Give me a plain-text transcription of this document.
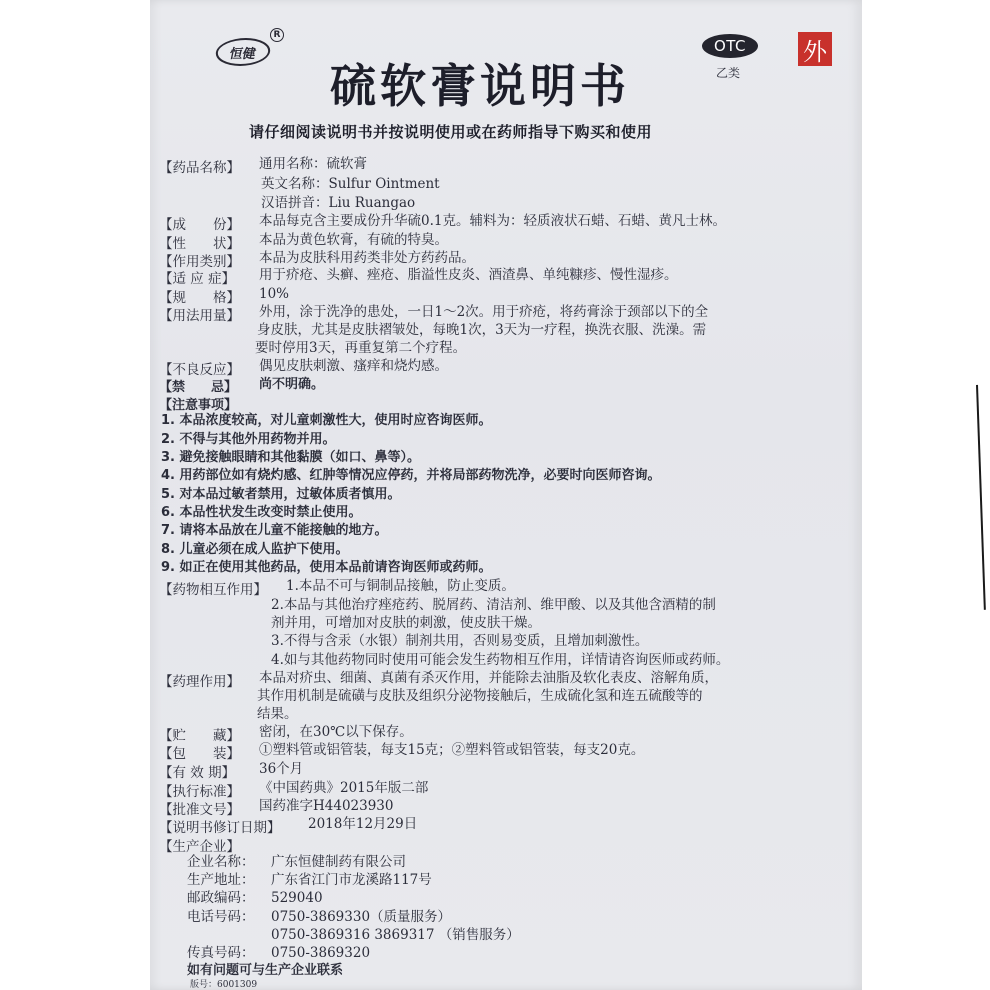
恒健
R
硫软膏说明书
OTC
乙类
外
请仔细阅读说明书并按说明使用或在药师指导下购买和使用
【药品名称】 通用名称：硫软膏
英文名称：Sulfur Ointment
汉语拼音：Liu Ruangao
【成　　份】 本品每克含主要成份升华硫0.1克。辅料为：轻质液状石蜡、石蜡、黄凡士林。
【性　　状】 本品为黄色软膏，有硫的特臭。
【作用类别】 本品为皮肤科用药类非处方药药品。
【适 应 症】 用于疥疮、头癣、痤疮、脂溢性皮炎、酒渣鼻、单纯糠疹、慢性湿疹。
【规　　格】 10%
【用法用量】 外用，涂于洗净的患处，一日1～2次。用于疥疮，将药膏涂于颈部以下的全
身皮肤，尤其是皮肤褶皱处，每晚1次，3天为一疗程，换洗衣服、洗澡。需
要时停用3天，再重复第二个疗程。
【不良反应】 偶见皮肤刺激、瘙痒和烧灼感。
【禁　　忌】 尚不明确。
【注意事项】
1. 本品浓度较高，对儿童刺激性大，使用时应咨询医师。
2. 不得与其他外用药物并用。
3. 避免接触眼睛和其他黏膜（如口、鼻等）。
4. 用药部位如有烧灼感、红肿等情况应停药，并将局部药物洗净，必要时向医师咨询。
5. 对本品过敏者禁用，过敏体质者慎用。
6. 本品性状发生改变时禁止使用。
7. 请将本品放在儿童不能接触的地方。
8. 儿童必须在成人监护下使用。
9. 如正在使用其他药品，使用本品前请咨询医师或药师。
【药物相互作用】 1.本品不可与铜制品接触，防止变质。
2.本品与其他治疗痤疮药、脱屑药、清洁剂、维甲酸、以及其他含酒精的制
剂并用，可增加对皮肤的刺激，使皮肤干燥。
3.不得与含汞（水银）制剂共用，否则易变质，且增加刺激性。
4.如与其他药物同时使用可能会发生药物相互作用，详情请咨询医师或药师。
【药理作用】 本品对疥虫、细菌、真菌有杀灭作用，并能除去油脂及软化表皮、溶解角质，
其作用机制是硫磺与皮肤及组织分泌物接触后，生成硫化氢和连五硫酸等的
结果。
【贮　　藏】 密闭，在30℃以下保存。
【包　　装】 ①塑料管或铝管装，每支15克；②塑料管或铝管装，每支20克。
【有 效 期】 36个月
【执行标准】 《中国药典》2015年版二部
【批准文号】 国药准字H44023930
【说明书修订日期】 2018年12月29日
【生产企业】
企业名称： 广东恒健制药有限公司
生产地址： 广东省江门市龙溪路117号
邮政编码： 529040
电话号码： 0750-3869330（质量服务）
0750-3869316 3869317 （销售服务）
传真号码： 0750-3869320
如有问题可与生产企业联系
版号：6001309
